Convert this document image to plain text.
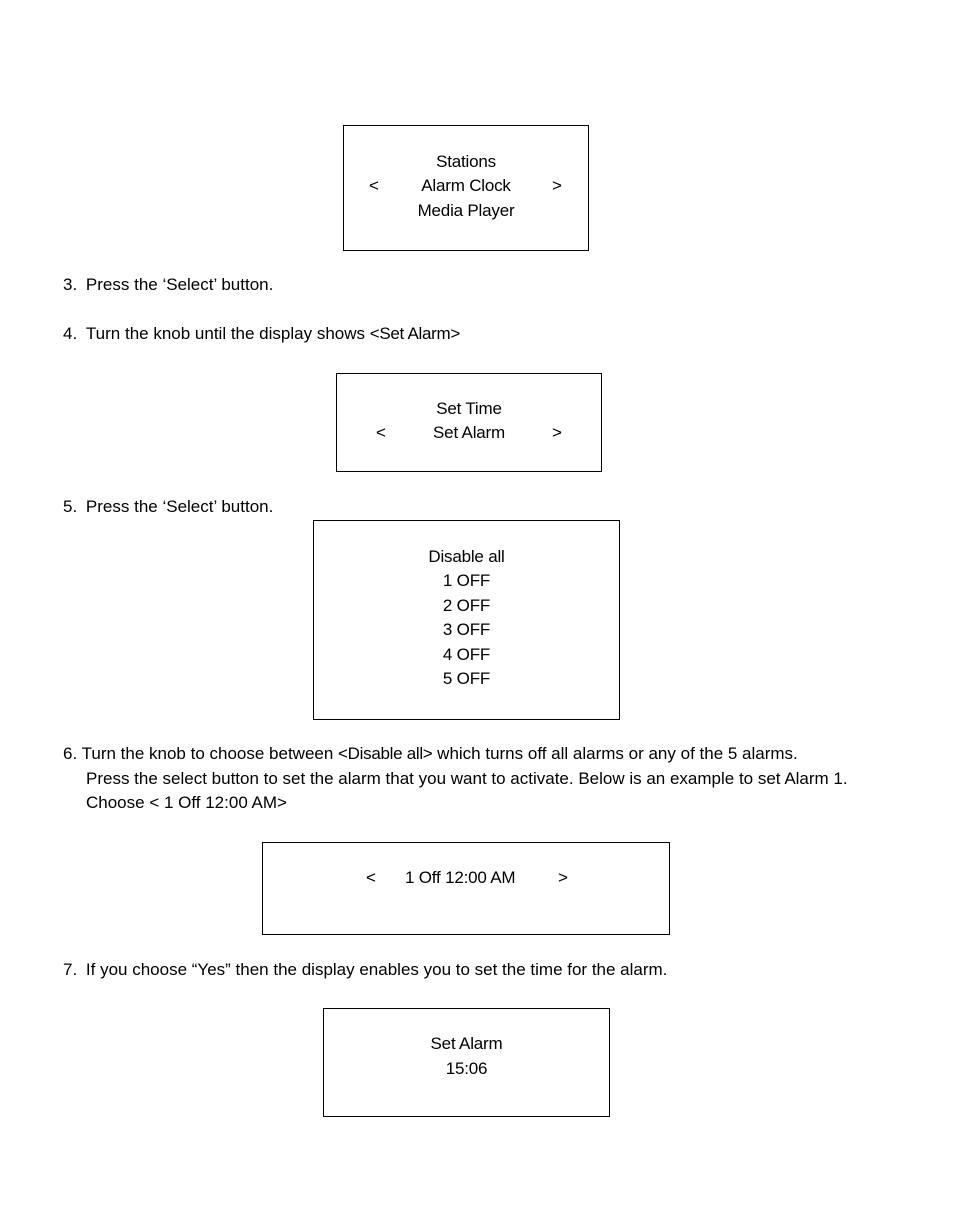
Stations
<	Alarm Clock	>
Media Player
3. Press the ‘Select’ button.
4. Turn the knob until the display shows <Set Alarm>
Set Time
<	Set Alarm	>
5. Press the ‘Select’ button.
Disable all
1 OFF
2 OFF
3 OFF
4 OFF
5 OFF
6. Turn the knob to choose between <Disable all> which turns off all alarms or any of the 5 alarms.
Press the select button to set the alarm that you want to activate. Below is an example to set Alarm 1.
Choose < 1 Off 12:00 AM>
< 1 Off 12:00 AM	>
7. If you choose “Yes” then the display enables you to set the time for the alarm.
Set Alarm
15:06
